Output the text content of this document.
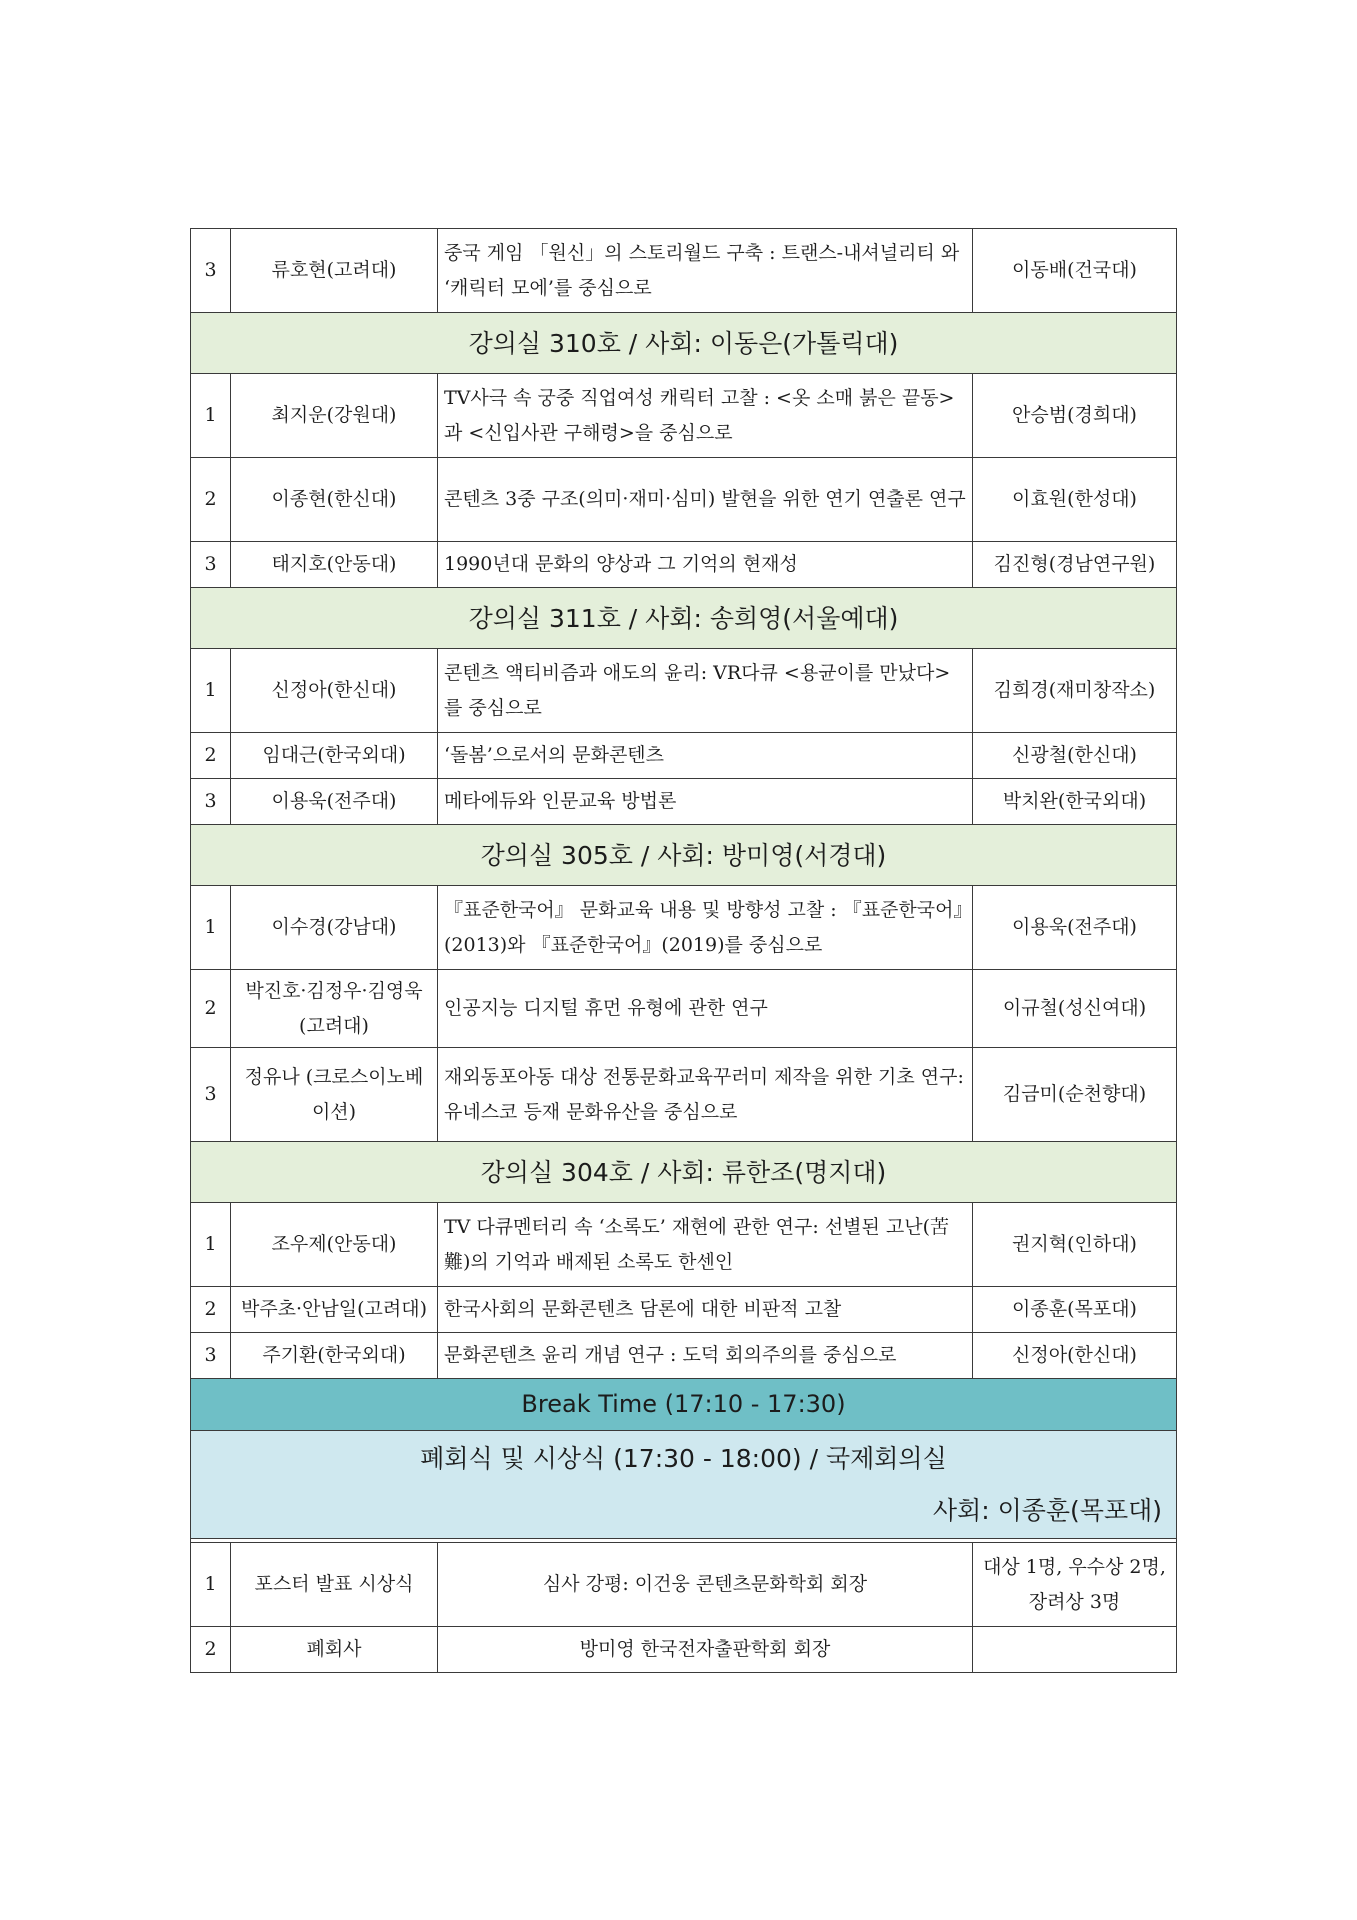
3	류호현(고려대)	중국 게임 「원신」의 스토리월드 구축 : 트랜스-내셔널리티 와 ‘캐릭터 모에’를 중심으로	이동배(건국대)
강의실 310호 / 사회: 이동은(가톨릭대)			
1	최지운(강원대)	TV사극 속 궁중 직업여성 캐릭터 고찰 : <옷 소매 붉은 끝동>과 <신입사관 구해령>을 중심으로	안승범(경희대)
2	이종현(한신대)	콘텐츠 3중 구조(의미·재미·심미) 발현을 위한 연기 연출론 연구	이효원(한성대)
3	태지호(안동대)	1990년대 문화의 양상과 그 기억의 현재성	김진형(경남연구원)
강의실 311호 / 사회: 송희영(서울예대)			
1	신정아(한신대)	콘텐츠 액티비즘과 애도의 윤리: VR다큐 <용균이를 만났다>를 중심으로	김희경(재미창작소)
2	임대근(한국외대)	‘돌봄’으로서의 문화콘텐츠	신광철(한신대)
3	이용욱(전주대)	메타에듀와 인문교육 방법론	박치완(한국외대)
강의실 305호 / 사회: 방미영(서경대)			
1	이수경(강남대)	『표준한국어』 문화교육 내용 및 방향성 고찰 : 『표준한국어』(2013)와 『표준한국어』(2019)를 중심으로	이용욱(전주대)
2	박진호·김정우·김영욱 (고려대)	인공지능 디지털 휴먼 유형에 관한 연구	이규철(성신여대)
3	정유나 (크로스이노베이션)	재외동포아동 대상 전통문화교육꾸러미 제작을 위한 기초 연구: 유네스코 등재 문화유산을 중심으로	김금미(순천향대)
강의실 304호 / 사회: 류한조(명지대)			
1	조우제(안동대)	TV 다큐멘터리 속 ‘소록도’ 재현에 관한 연구: 선별된 고난(苦難)의 기억과 배제된 소록도 한센인	권지혁(인하대)
2	박주초·안남일(고려대)	한국사회의 문화콘텐츠 담론에 대한 비판적 고찰	이종훈(목포대)
3	주기환(한국외대)	문화콘텐츠 윤리 개념 연구 : 도덕 회의주의를 중심으로	신정아(한신대)
Break Time (17:10 - 17:30)			

폐회식 및 시상식 (17:30 - 18:00) / 국제회의실
사회: 이종훈(목포대)			

1	포스터 발표 시상식	심사 강평: 이건웅 콘텐츠문화학회 회장	대상 1명, 우수상 2명, 장려상 3명
2	폐회사	방미영 한국전자출판학회 회장	
